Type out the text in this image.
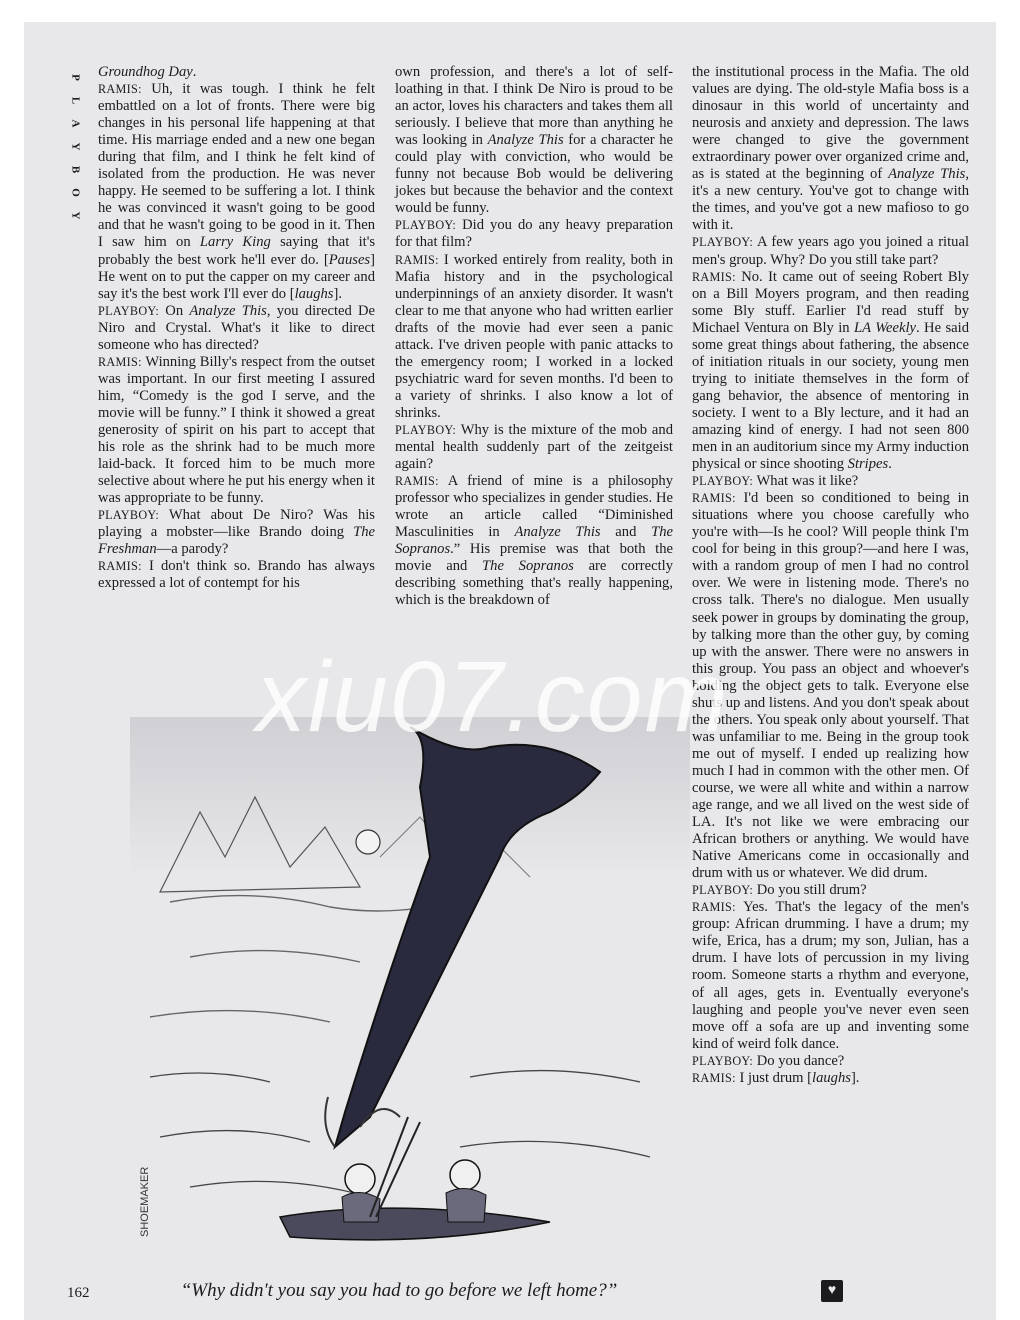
P
L
A
Y
B
O
Y

Groundhog Day.

RAMIS: Uh, it was tough. I think he felt embattled on a lot of fronts. There were big changes in his personal life happening at that time. His marriage ended and a new one began during that film, and I think he felt kind of isolated from the production. He was never happy. He seemed to be suffering a lot. I think he was convinced it wasn't going to be good and that he wasn't going to be good in it. Then I saw him on Larry King saying that it's probably the best work he'll ever do. [Pauses] He went on to put the capper on my career and say it's the best work I'll ever do [laughs].

PLAYBOY: On Analyze This, you directed De Niro and Crystal. What's it like to direct someone who has directed?

RAMIS: Winning Billy's respect from the outset was important. In our first meeting I assured him, “Comedy is the god I serve, and the movie will be funny.” I think it showed a great generosity of spirit on his part to accept that his role as the shrink had to be much more laid-back. It forced him to be much more selective about where he put his energy when it was appropriate to be funny.

PLAYBOY: What about De Niro? Was his playing a mobster—like Brando doing The Freshman—a parody?

RAMIS: I don't think so. Brando has always expressed a lot of contempt for his

own profession, and there's a lot of self-loathing in that. I think De Niro is proud to be an actor, loves his characters and takes them all seriously. I believe that more than anything he was looking in Analyze This for a character he could play with conviction, who would be funny not because Bob would be delivering jokes but because the behavior and the context would be funny.

PLAYBOY: Did you do any heavy preparation for that film?

RAMIS: I worked entirely from reality, both in Mafia history and in the psychological underpinnings of an anxiety disorder. It wasn't clear to me that anyone who had written earlier drafts of the movie had ever seen a panic attack. I've driven people with panic attacks to the emergency room; I worked in a locked psychiatric ward for seven months. I'd been to a variety of shrinks. I also know a lot of shrinks.

PLAYBOY: Why is the mixture of the mob and mental health suddenly part of the zeitgeist again?

RAMIS: A friend of mine is a philosophy professor who specializes in gender studies. He wrote an article called “Diminished Masculinities in Analyze This and The Sopranos.” His premise was that both the movie and The Sopranos are correctly describing something that's really happening, which is the breakdown of

the institutional process in the Mafia. The old values are dying. The old-style Mafia boss is a dinosaur in this world of uncertainty and neurosis and anxiety and depression. The laws were changed to give the government extraordinary power over organized crime and, as is stated at the beginning of Analyze This, it's a new century. You've got to change with the times, and you've got a new mafioso to go with it.

PLAYBOY: A few years ago you joined a ritual men's group. Why? Do you still take part?

RAMIS: No. It came out of seeing Robert Bly on a Bill Moyers program, and then reading some Bly stuff. Earlier I'd read stuff by Michael Ventura on Bly in LA Weekly. He said some great things about fathering, the absence of initiation rituals in our society, young men trying to initiate themselves in the form of gang behavior, the absence of mentoring in society. I went to a Bly lecture, and it had an amazing kind of energy. I had not seen 800 men in an auditorium since my Army induction physical or since shooting Stripes.

PLAYBOY: What was it like?

RAMIS: I'd been so conditioned to being in situations where you choose carefully who you're with—Is he cool? Will people think I'm cool for being in this group?—and here I was, with a random group of men I had no control over. We were in listening mode. There's no cross talk. There's no dialogue. Men usually seek power in groups by dominating the group, by talking more than the other guy, by coming up with the answer. There were no answers in this group. You pass an object and whoever's holding the object gets to talk. Everyone else shuts up and listens. And you don't speak about the others. You speak only about yourself. That was unfamiliar to me. Being in the group took me out of myself. I ended up realizing how much I had in common with the other men. Of course, we were all white and within a narrow age range, and we all lived on the west side of LA. It's not like we were embracing our African brothers or anything. We would have Native Americans come in occasionally and drum with us or whatever. We did drum.

PLAYBOY: Do you still drum?

RAMIS: Yes. That's the legacy of the men's group: African drumming. I have a drum; my wife, Erica, has a drum; my son, Julian, has a drum. I have lots of percussion in my living room. Someone starts a rhythm and everyone, of all ages, gets in. Eventually everyone's laughing and people you've never even seen move off a sofa are up and inventing some kind of weird folk dance.

PLAYBOY: Do you dance?

RAMIS: I just drum [laughs].

SHOEMAKER
162	“Why didn't you say you had to go before we left home?”	♥
xiu07.com
